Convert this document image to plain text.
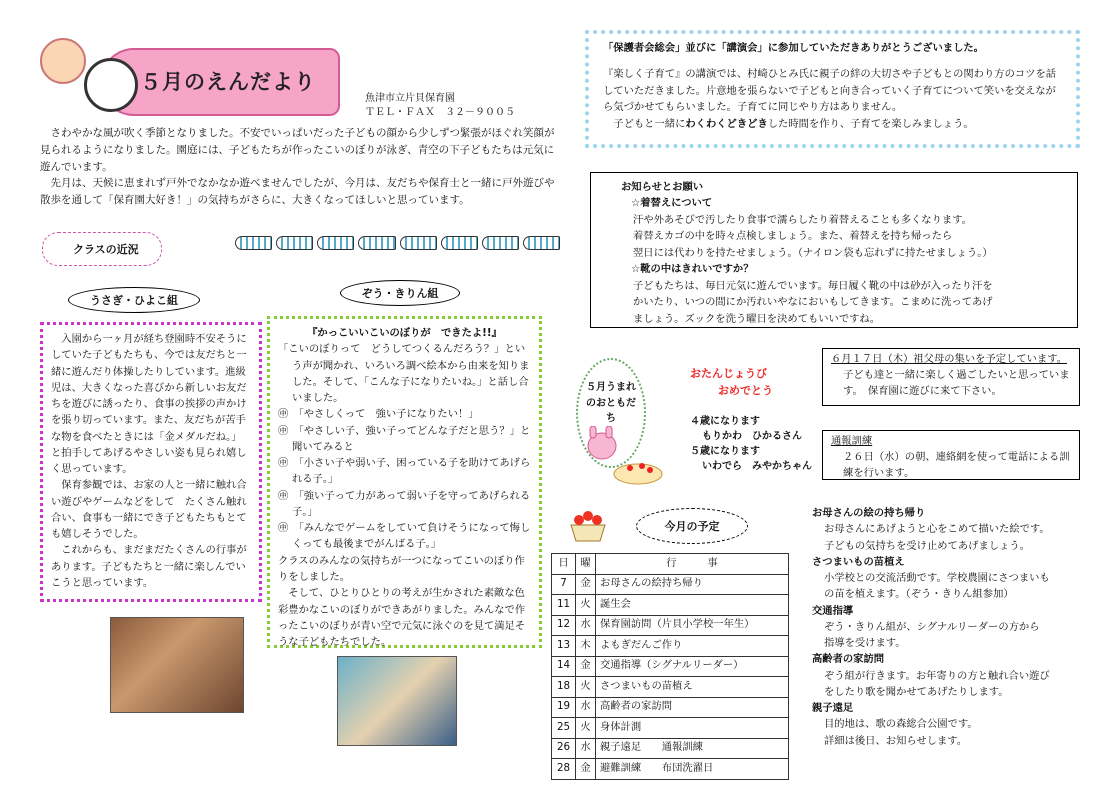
５月のえんだより
魚津市立片貝保育園
ＴＥＬ・ＦＡＸ　３２－９００５

さわやかな風が吹く季節となりました。不安でいっぱいだった子どもの顔から少しずつ緊張がほぐれ笑顔が見られるようになりました。園庭には、子どもたちが作ったこいのぼりが泳ぎ、青空の下子どもたちは元気に遊んでいます。

先月は、天候に恵まれず戸外でなかなか遊べませんでしたが、今月は、友だちや保育士と一緒に戸外遊びや散歩を通して「保育園大好き！」の気持ちがさらに、大きくなってほしいと思っています。

クラスの近況
うさぎ・ひよこ組
ぞう・きりん組

入園から一ヶ月が経ち登園時不安そうにしていた子どもたちも、今では友だちと一緒に遊んだり体操したりしています。進級児は、大きくなった喜びから新しいお友だちを遊びに誘ったり、食事の挨拶の声かけを張り切っています。また、友だちが苦手な物を食べたときには「金メダルだね。」と拍手してあげるやさしい姿も見られ嬉しく思っています。

保育参観では、お家の人と一緒に触れ合い遊びやゲームなどをして　たくさん触れ合い、食事も一緒にでき子どもたちもとても嬉しそうでした。

これからも、まだまだたくさんの行事があります。子どもたちと一緒に楽しんでいこうと思っています。

『かっこいいこいのぼりが　できたよ!!』
「こいのぼりって　どうしてつくるんだろう？」という声が聞かれ、いろいろ調べ絵本から由来を知りました。そして、「こんな子になりたいね。」と話し合いました。
㊥　「やさしくって　強い子になりたい！」
㊥　「やさしい子、強い子ってどんな子だと思う？」と聞いてみると
㊥　「小さい子や弱い子、困っている子を助けてあげられる子。」
㊥　「強い子って力があって弱い子を守ってあげられる子。」
㊥　「みんなでゲームをしていて負けそうになって悔しくっても最後までがんばる子。」
クラスのみんなの気持ちが一つになってこいのぼり作りをしました。
そして、ひとりひとりの考えが生かされた素敵な色彩豊かなこいのぼりができあがりました。みんなで作ったこいのぼりが青い空で元気に泳ぐのを見て満足そうな子どもたちでした。
「保護者会総会」並びに「講演会」に参加していただきありがとうございました。
『楽しく子育て』の講演では、村崎ひとみ氏に親子の絆の大切さや子どもとの関わり方のコツを話していただきました。片意地を張らないで子どもと向き合っていく子育てについて笑いを交えながら気づかせてもらいました。子育てに同じやり方はありません。
子どもと一緒にわくわくどきどきした時間を作り、子育てを楽しみましょう。
お知らせとお願い
☆着替えについて
汗や外あそびで汚したり食事で濡らしたり着替えることも多くなります。
着替えカゴの中を時々点検しましょう。また、着替えを持ち帰ったら
翌日には代わりを持たせましょう。（ナイロン袋も忘れずに持たせましょう。）
☆靴の中はきれいですか？
子どもたちは、毎日元気に遊んでいます。毎日履く靴の中は砂が入ったり汗を
かいたり、いつの間にか汚れいやなにおいもしてきます。こまめに洗ってあげ
ましょう。ズックを洗う曜日を決めてもいいですね。
５月うまれのおともだち
おたんじょうび
おめでとう
４歳になります
もりかわ　ひかるさん
５歳になります
いわでら　みやかちゃん
６月１７日（木）祖父母の集いを予定しています。
子ども達と一緒に楽しく過ごしたいと思っています。　保育園に遊びに来て下さい。
通報訓練
２６日（水）の朝、連絡網を使って電話による訓練を行います。
今月の予定
日	曜	行　　　事
7	金	お母さんの絵持ち帰り
11	火	誕生会
12	水	保育園訪問（片貝小学校一年生）
13	木	よもぎだんご作り
14	金	交通指導（シグナルリーダー）
18	火	さつまいもの苗植え
19	水	高齢者の家訪問
25	火	身体計測
26	水	親子遠足　　通報訓練
28	金	避難訓練　　布団洗濯日
お母さんの絵の持ち帰り
お母さんにあげようと心をこめて描いた絵です。
子どもの気持ちを受け止めてあげましょう。
さつまいもの苗植え
小学校との交流活動です。学校農園にさつまいも
の苗を植えます。（ぞう・きりん組参加）
交通指導
ぞう・きりん組が、シグナルリーダーの方から
指導を受けます。
高齢者の家訪問
ぞう組が行きます。お年寄りの方と触れ合い遊び
をしたり歌を聞かせてあげたりします。
親子遠足
目的地は、歌の森総合公園です。
詳細は後日、お知らせします。
